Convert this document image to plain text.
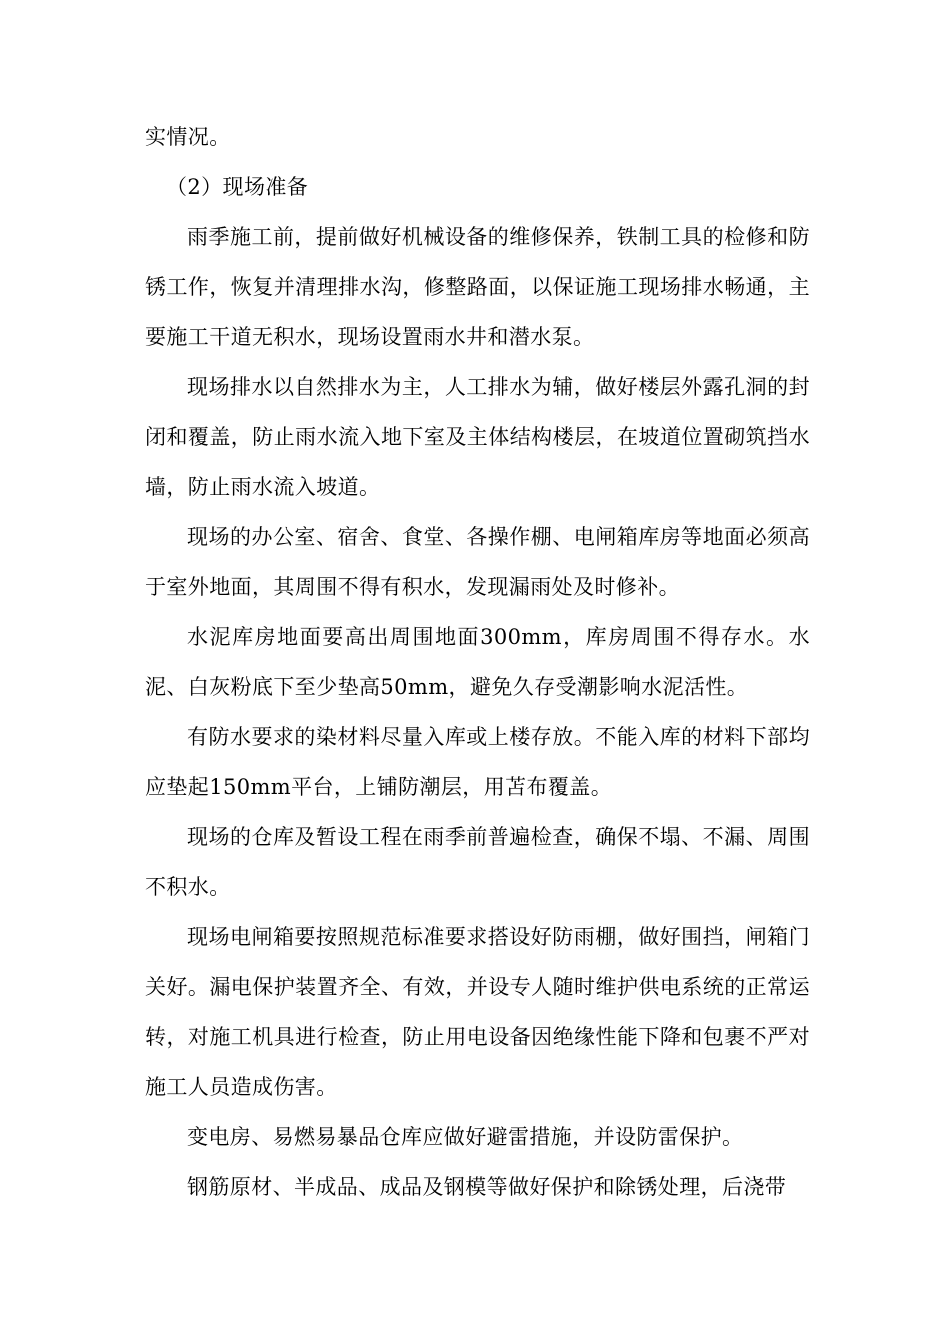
实情况。

（2）现场准备

雨季施工前，提前做好机械设备的维修保养，铁制工具的检修和防锈工作，恢复并清理排水沟，修整路面，以保证施工现场排水畅通，主要施工干道无积水，现场设置雨水井和潜水泵。

现场排水以自然排水为主，人工排水为辅，做好楼层外露孔洞的封闭和覆盖，防止雨水流入地下室及主体结构楼层，在坡道位置砌筑挡水墙，防止雨水流入坡道。

现场的办公室、宿舍、食堂、各操作棚、电闸箱库房等地面必须高于室外地面，其周围不得有积水，发现漏雨处及时修补。

水泥库房地面要高出周围地面300mm，库房周围不得存水。水泥、白灰粉底下至少垫高50mm，避免久存受潮影响水泥活性。

有防水要求的染材料尽量入库或上楼存放。不能入库的材料下部均应垫起150mm平台，上铺防潮层，用苫布覆盖。

现场的仓库及暂设工程在雨季前普遍检查，确保不塌、不漏、周围不积水。

现场电闸箱要按照规范标准要求搭设好防雨棚，做好围挡，闸箱门关好。漏电保护装置齐全、有效，并设专人随时维护供电系统的正常运转，对施工机具进行检查，防止用电设备因绝缘性能下降和包裹不严对施工人员造成伤害。

变电房、易燃易暴品仓库应做好避雷措施，并设防雷保护。

钢筋原材、半成品、成品及钢模等做好保护和除锈处理，后浇带
